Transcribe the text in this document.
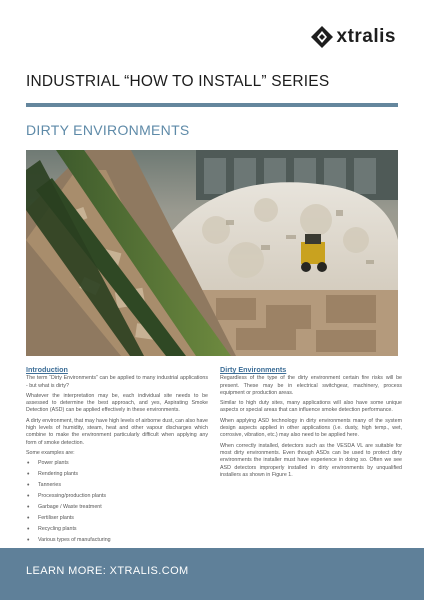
xtralis
INDUSTRIAL “HOW TO INSTALL” SERIES
DIRTY ENVIRONMENTS
Introduction

The term “Dirty Environments” can be applied to many industrial applications - but what is dirty?

Whatever the interpretation may be, each individual site needs to be assessed to determine the best approach, and yes, Aspirating Smoke Detection (ASD) can be applied effectively in these environments.

A dirty environment, that may have high levels of airborne dust, can also have high levels of humidity, steam, heat and other vapour discharges which combine to make the environment particularly difficult when applying any form of smoke detection.

Some examples are:

• Power plants
• Rendering plants
• Tanneries
• Processing/production plants
• Garbage / Waste treatment
• Fertiliser plants
• Recycling plants
• Various types of manufacturing
Dirty Environments

Regardless of the type of the dirty environment certain fire risks will be present. These may be in electrical switchgear, machinery, process equipment or production areas.

Similar to high duty sites, many applications will also have some unique aspects or special areas that can influence smoke detection performance.

When applying ASD technology in dirty environments many of the system design aspects applied in other applications (i.e. dusty, high temp., wet, corrosive, vibration, etc.) may also need to be applied here.

When correctly installed, detectors such as the VESDA VL are suitable for most dirty environments. Even though ASDs can be used to protect dirty environments the installer must have experience in doing so. Often we see ASD detectors improperly installed in dirty environments by unqualified installers as shown in Figure 1.

LEARN MORE: XTRALIS.COM
